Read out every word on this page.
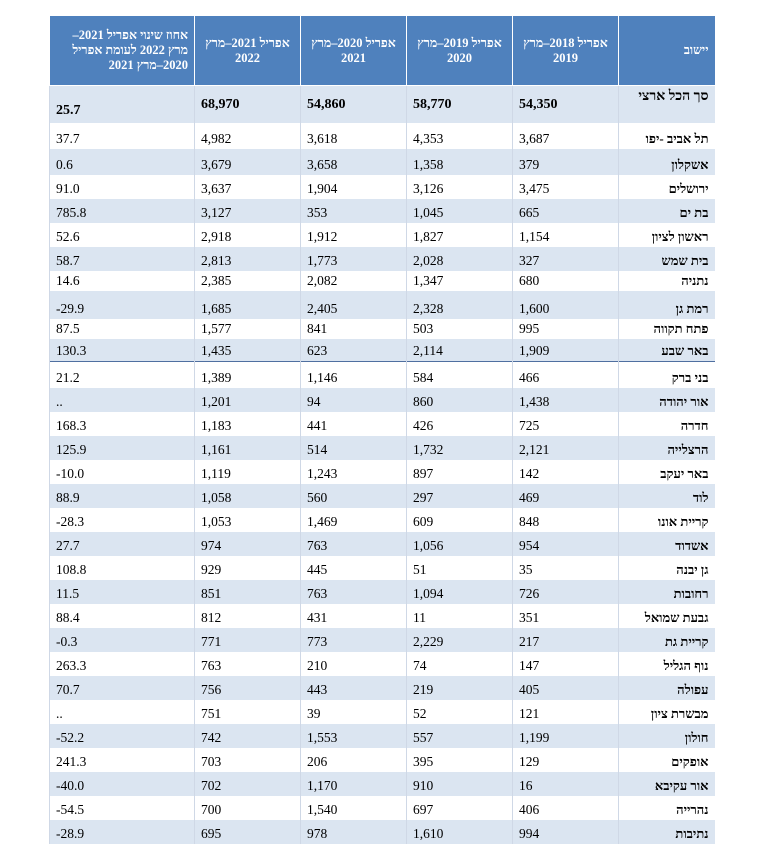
יישוב	אפריל 2018–מרץ 2019	אפריל 2019–מרץ 2020	אפריל 2020–מרץ 2021	אפריל 2021–מרץ 2022	אחוז שינוי אפריל 2021–מרץ 2022 לעומת אפריל 2020–מרץ 2021
סך הכל ארצי	54,350	58,770	54,860	68,970	25.7
תל אביב -יפו	3,687	4,353	3,618	4,982	37.7
אשקלון	379	1,358	3,658	3,679	0.6
ירושלים	3,475	3,126	1,904	3,637	91.0
בת ים	665	1,045	353	3,127	785.8
ראשון לציון	1,154	1,827	1,912	2,918	52.6
בית שמש	327	2,028	1,773	2,813	58.7
נתניה	680	1,347	2,082	2,385	14.6
רמת גן	1,600	2,328	2,405	1,685	29.9-
פתח תקווה	995	503	841	1,577	87.5
באר שבע	1,909	2,114	623	1,435	130.3
בני ברק	466	584	1,146	1,389	21.2
אור יהודה	1,438	860	94	1,201	..
חדרה	725	426	441	1,183	168.3
הרצלייה	2,121	1,732	514	1,161	125.9
באר יעקב	142	897	1,243	1,119	10.0-
לוד	469	297	560	1,058	88.9
קריית אונו	848	609	1,469	1,053	28.3-
אשדוד	954	1,056	763	974	27.7
גן יבנה	35	51	445	929	108.8
רחובות	726	1,094	763	851	11.5
גבעת שמואל	351	11	431	812	88.4
קריית גת	217	2,229	773	771	0.3-
נוף הגליל	147	74	210	763	263.3
עפולה	405	219	443	756	70.7
מבשרת ציון	121	52	39	751	..
חולון	1,199	557	1,553	742	52.2-
אופקים	129	395	206	703	241.3
אור עקיבא	16	910	1,170	702	40.0-
נהרייה	406	697	1,540	700	54.5-
נתיבות	994	1,610	978	695	28.9-
